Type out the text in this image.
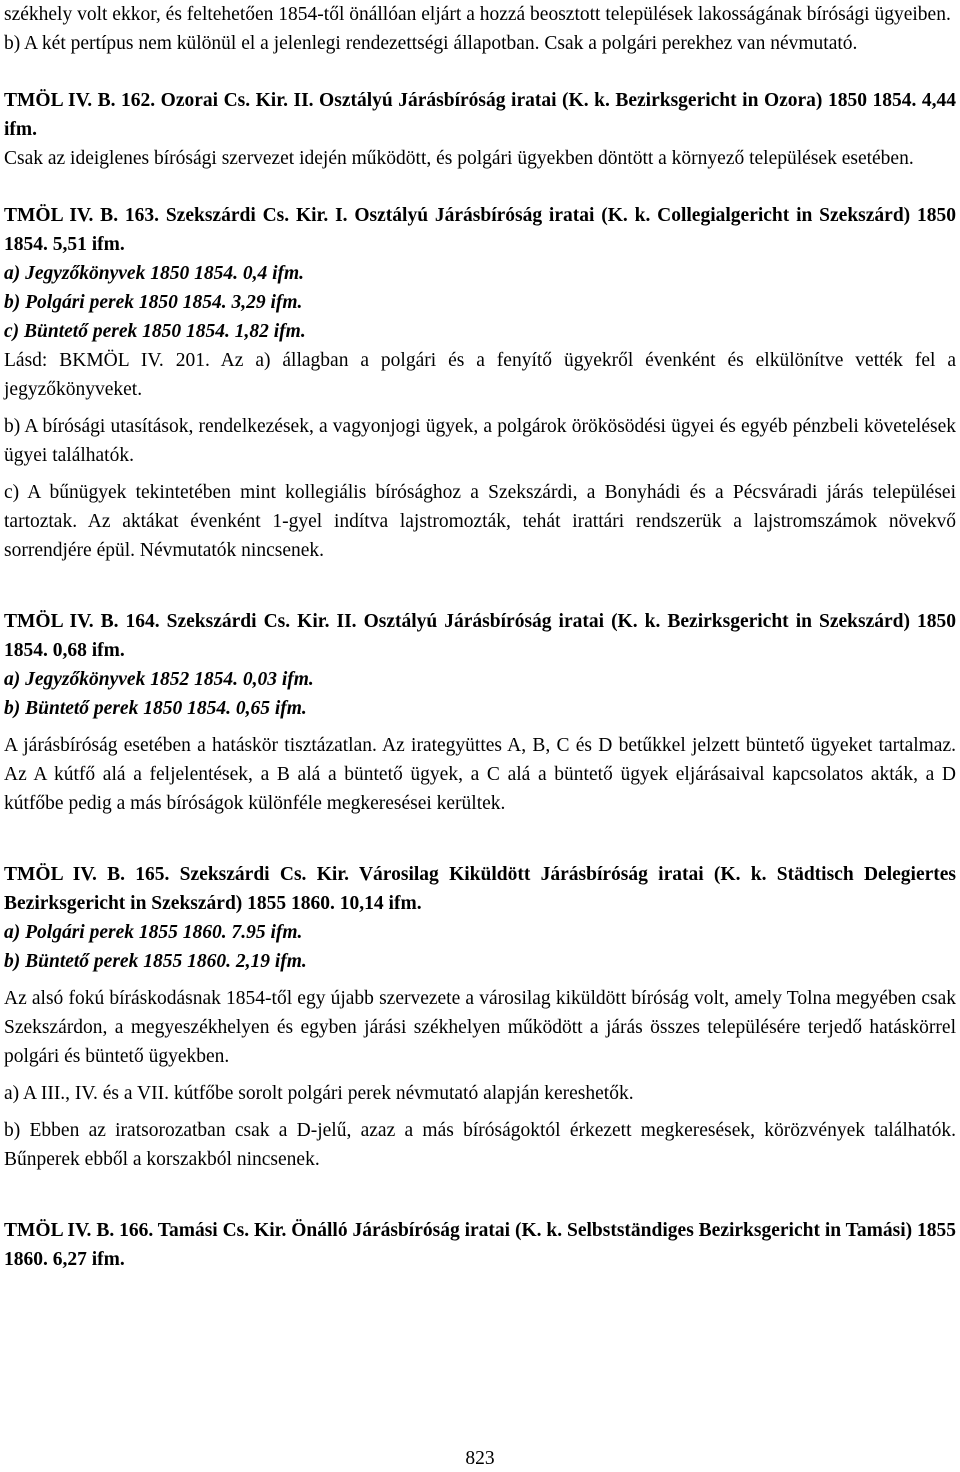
székhely volt ekkor, és feltehetően 1854-től önállóan eljárt a hozzá beosztott települések lakosságának bírósági ügyeiben.

b) A két pertípus nem különül el a jelenlegi rendezettségi állapotban. Csak a polgári perekhez van névmutató.

TMÖL IV. B. 162. Ozorai Cs. Kir. II. Osztályú Járásbíróság iratai (K. k. Bezirksgericht in Ozora) 1850 1854. 4,44 ifm.

Csak az ideiglenes bírósági szervezet idején működött, és polgári ügyekben döntött a környező települések esetében.

TMÖL IV. B. 163. Szekszárdi Cs. Kir. I. Osztályú Járásbíróság iratai (K. k. Collegialgericht in Szekszárd) 1850 1854. 5,51 ifm.

a) Jegyzőkönyvek 1850 1854. 0,4 ifm.

b) Polgári perek 1850 1854. 3,29 ifm.

c) Büntető perek 1850 1854. 1,82 ifm.

Lásd: BKMÖL IV. 201. Az a) állagban a polgári és a fenyítő ügyekről évenként és elkülönítve vették fel a jegyzőkönyveket.

b) A bírósági utasítások, rendelkezések, a vagyonjogi ügyek, a polgárok örökösödési ügyei és egyéb pénzbeli követelések ügyei találhatók.

c) A bűnügyek tekintetében mint kollegiális bírósághoz a Szekszárdi, a Bonyhádi és a Pécsváradi járás települései tartoztak. Az aktákat évenként 1-gyel indítva lajstromozták, tehát irattári rendszerük a lajstromszámok növekvő sorrendjére épül. Névmutatók nincsenek.

TMÖL IV. B. 164. Szekszárdi Cs. Kir. II. Osztályú Járásbíróság iratai (K. k. Bezirksgericht in Szekszárd) 1850 1854. 0,68 ifm.

a) Jegyzőkönyvek 1852 1854. 0,03 ifm.

b) Büntető perek 1850 1854. 0,65 ifm.

A járásbíróság esetében a hatáskör tisztázatlan. Az irategyüttes A, B, C és D betűkkel jelzett büntető ügyeket tartalmaz. Az A kútfő alá a feljelentések, a B alá a büntető ügyek, a C alá a büntető ügyek eljárásaival kapcsolatos akták, a D kútfőbe pedig a más bíróságok különféle megkeresései kerültek.

TMÖL IV. B. 165. Szekszárdi Cs. Kir. Városilag Kiküldött Járásbíróság iratai (K. k. Städtisch Delegiertes Bezirksgericht in Szekszárd) 1855 1860. 10,14 ifm.

a) Polgári perek 1855 1860. 7.95 ifm.

b) Büntető perek 1855 1860. 2,19 ifm.

Az alsó fokú bíráskodásnak 1854-től egy újabb szervezete a városilag kiküldött bíróság volt, amely Tolna megyében csak Szekszárdon, a megyeszékhelyen és egyben járási székhelyen működött a járás összes településére terjedő hatáskörrel polgári és büntető ügyekben.

a) A III., IV. és a VII. kútfőbe sorolt polgári perek névmutató alapján kereshetők.

b) Ebben az iratsorozatban csak a D-jelű, azaz a más bíróságoktól érkezett megkeresések, körözvények találhatók. Bűnperek ebből a korszakból nincsenek.

TMÖL IV. B. 166. Tamási Cs. Kir. Önálló Járásbíróság iratai (K. k. Selbstständiges Bezirksgericht in Tamási) 1855 1860. 6,27 ifm.

823
